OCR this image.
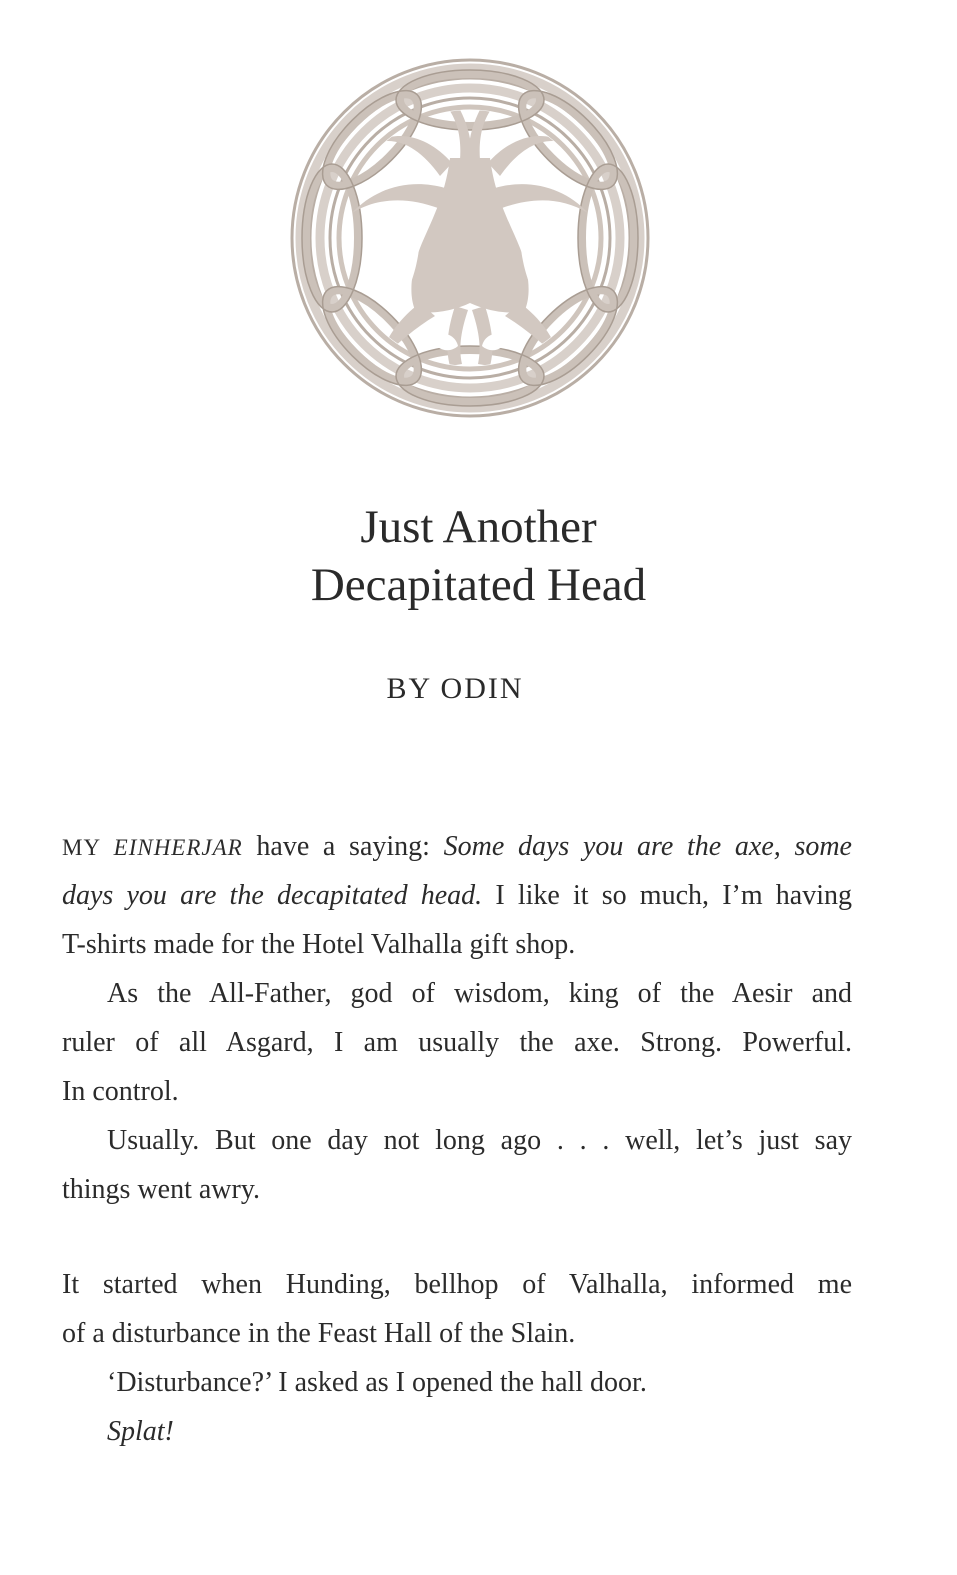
Just Another
Decapitated Head
BY ODIN
MY EINHERJAR have a saying: Some days you are the axe, some
days you are the decapitated head. I like it so much, I’m having
T-shirts made for the Hotel Valhalla gift shop.
As the All-Father, god of wisdom, king of the Aesir and
ruler of all Asgard, I am usually the axe. Strong. Powerful.
In control.
Usually. But one day not long ago . . . well, let’s just say
things went awry.
It started when Hunding, bellhop of Valhalla, informed me
of a disturbance in the Feast Hall of the Slain.
‘Disturbance?’ I asked as I opened the hall door.
Splat!
